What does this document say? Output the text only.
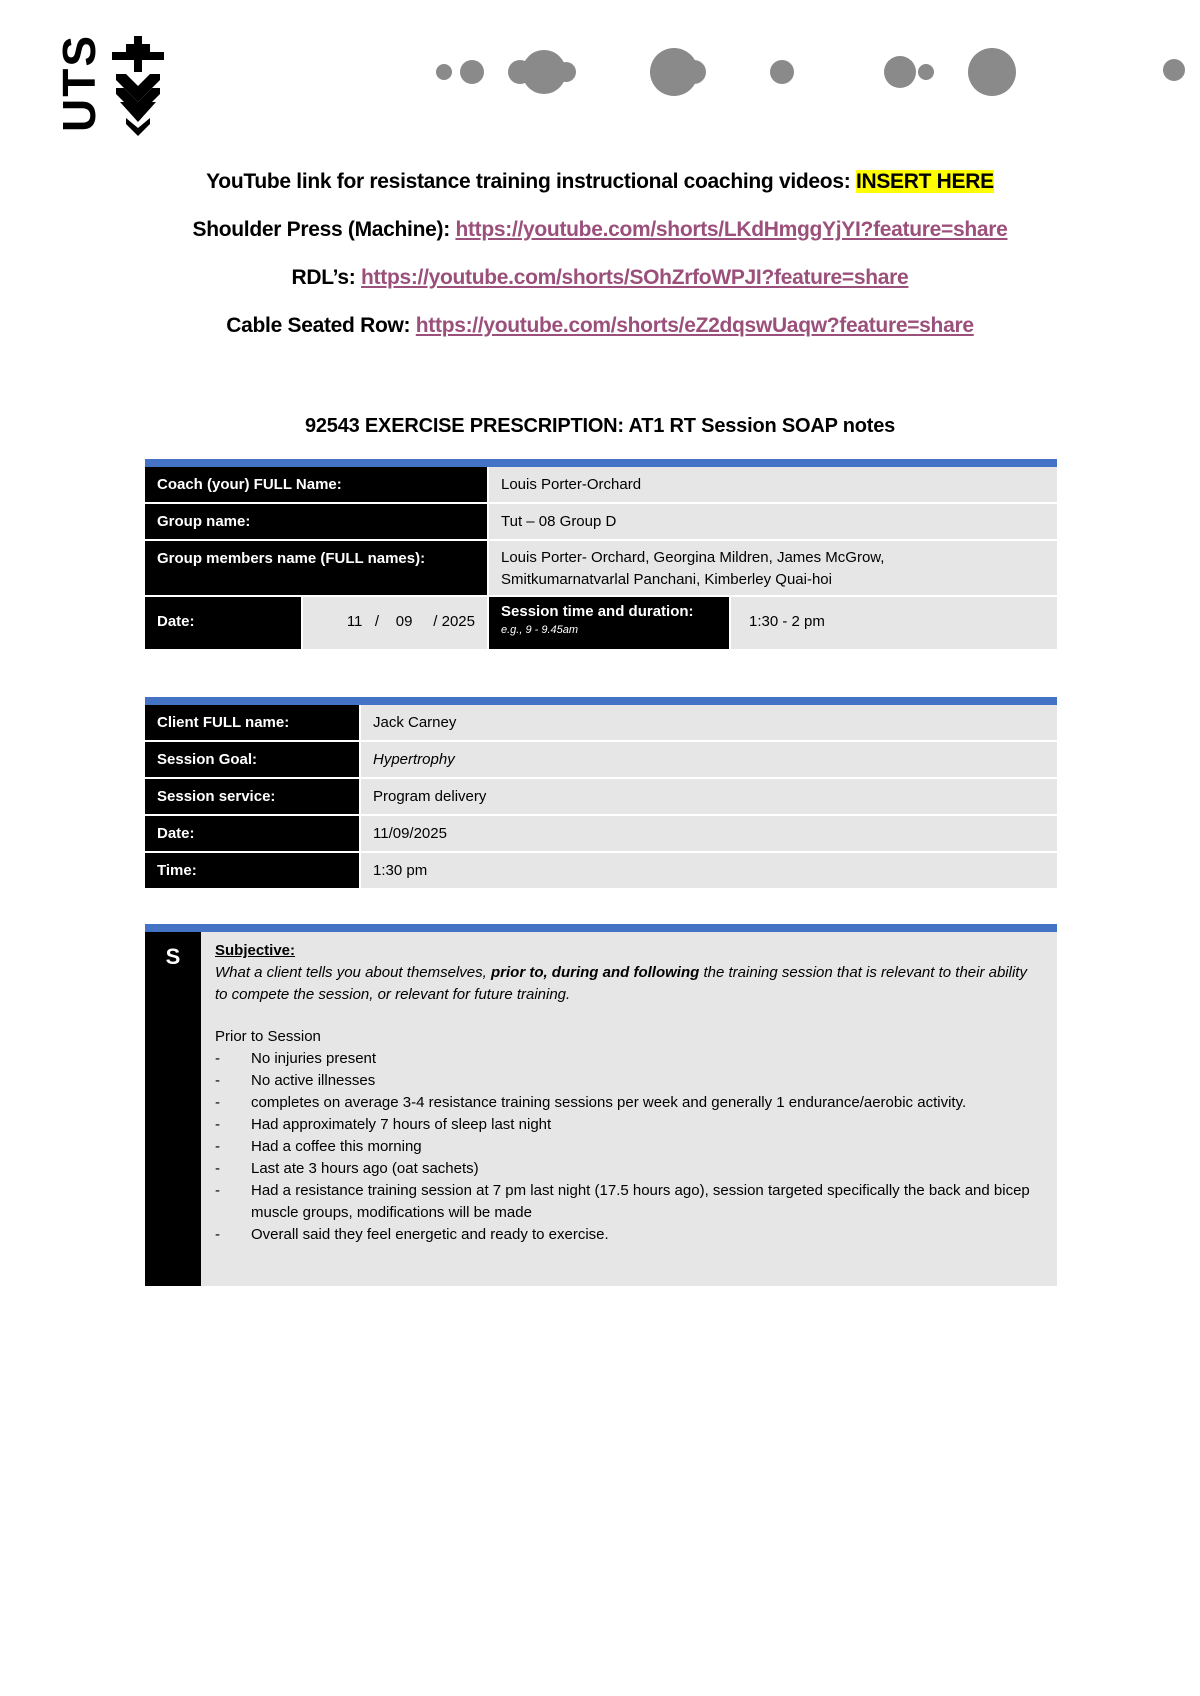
UTS

YouTube link for resistance training instructional coaching videos: INSERT HERE

Shoulder Press (Machine): https://youtube.com/shorts/LKdHmggYjYI?feature=share

RDL’s: https://youtube.com/shorts/SOhZrfoWPJI?feature=share

Cable Seated Row: https://youtube.com/shorts/eZ2dqswUaqw?feature=share

92543 EXERCISE PRESCRIPTION: AT1 RT Session SOAP notes
Coach (your) FULL Name:	Louis Porter-Orchard
Group name:	Tut – 08 Group D
Group members name (FULL names):	Louis Porter- Orchard, Georgina Mildren, James McGrow,
Smitkumarnatvarlal Panchani, Kimberley Quai-hoi
Date:	11 / 09 / 2025
Session time and duration:
e.g., 9 - 9.45am	1:30 - 2 pm
Client FULL name:	Jack Carney
Session Goal:	Hypertrophy
Session service:	Program delivery
Date:	11/09/2025
Time:	1:30 pm
S	Subjective:
What a client tells you about themselves, prior to, during and following the training session that is relevant to their ability to compete the session, or relevant for future training.
Prior to Session
- No injuries present
- No active illnesses
- completes on average 3-4 resistance training sessions per week and generally 1 endurance/aerobic activity.
- Had approximately 7 hours of sleep last night
- Had a coffee this morning
- Last ate 3 hours ago (oat sachets)
- Had a resistance training session at 7 pm last night (17.5 hours ago), session targeted specifically the back and bicep muscle groups, modifications will be made
- Overall said they feel energetic and ready to exercise.
